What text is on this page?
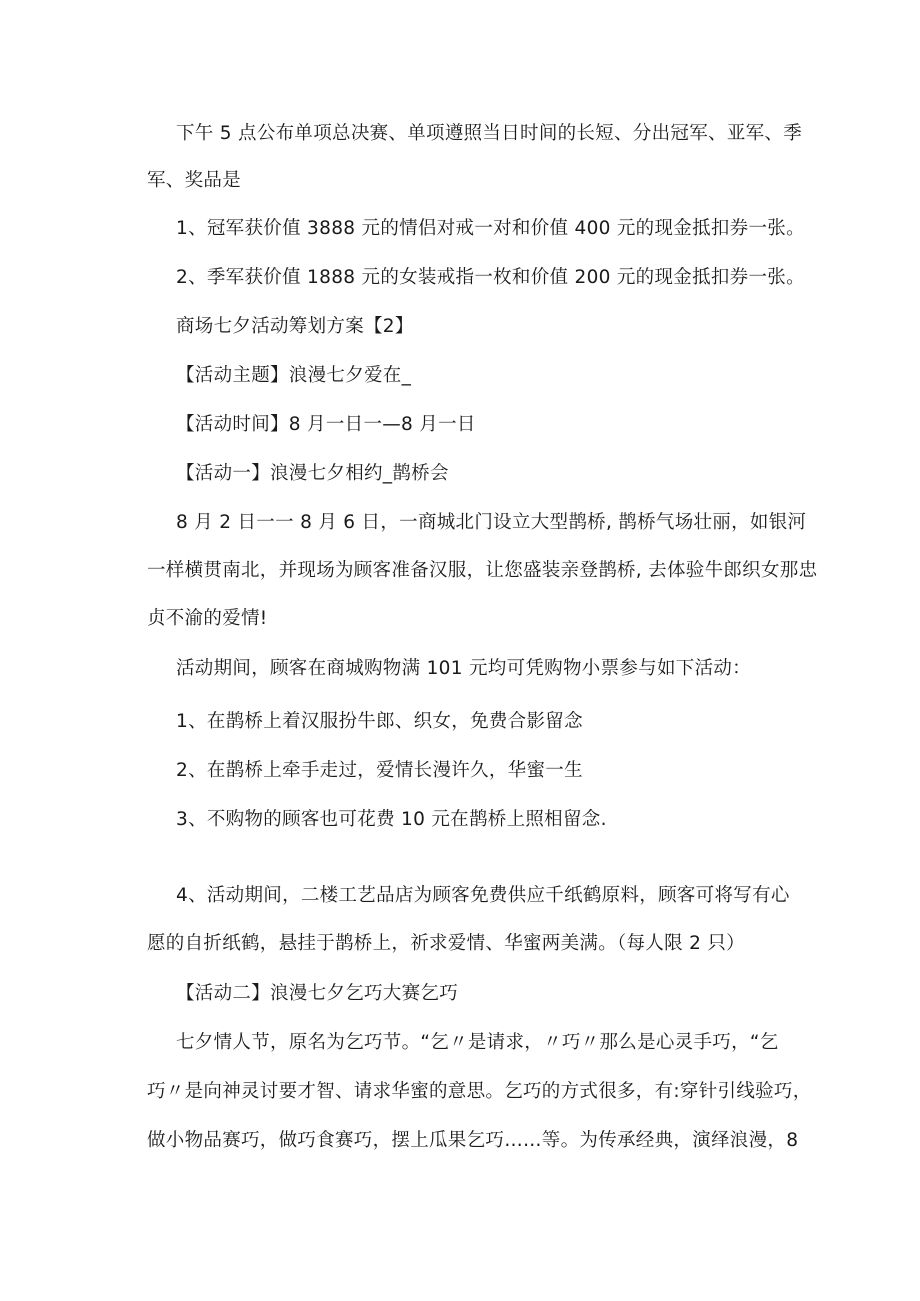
下午 5 点公布单项总决赛、单项遵照当日时间的长短、分出冠军、亚军、季
军、奖品是
1、冠军获价值 3888 元的情侣对戒一对和价值 400 元的现金抵扣券一张。
2、季军获价值 1888 元的女装戒指一枚和价值 200 元的现金抵扣券一张。
商场七夕活动筹划方案【2】
【活动主题】浪漫七夕爱在_
【活动时间】8 月一日一—8 月一日
【活动一】浪漫七夕相约_鹊桥会
8 月 2 日一一 8 月 6 日，一商城北门设立大型鹊桥, 鹊桥气场壮丽，如银河
一样横贯南北，并现场为顾客准备汉服，让您盛装亲登鹊桥, 去体验牛郎织女那忠
贞不渝的爱情!
活动期间，顾客在商城购物满 101 元均可凭购物小票参与如下活动：
1、在鹊桥上着汉服扮牛郎、织女，免费合影留念
2、在鹊桥上牵手走过，爱情长漫许久，华蜜一生
3、不购物的顾客也可花费 10 元在鹊桥上照相留念.
4、活动期间，二楼工艺品店为顾客免费供应千纸鹤原料，顾客可将写有心
愿的自折纸鹤，悬挂于鹊桥上，祈求爱情、华蜜两美满。（每人限 2 只）
【活动二】浪漫七夕乞巧大赛乞巧
七夕情人节，原名为乞巧节。“乞〃是请求，〃巧〃那么是心灵手巧，“乞
巧〃是向神灵讨要才智、请求华蜜的意思。乞巧的方式很多，有:穿针引线验巧，
做小物品赛巧，做巧食赛巧，摆上瓜果乞巧……等。为传承经典，演绎浪漫，8
